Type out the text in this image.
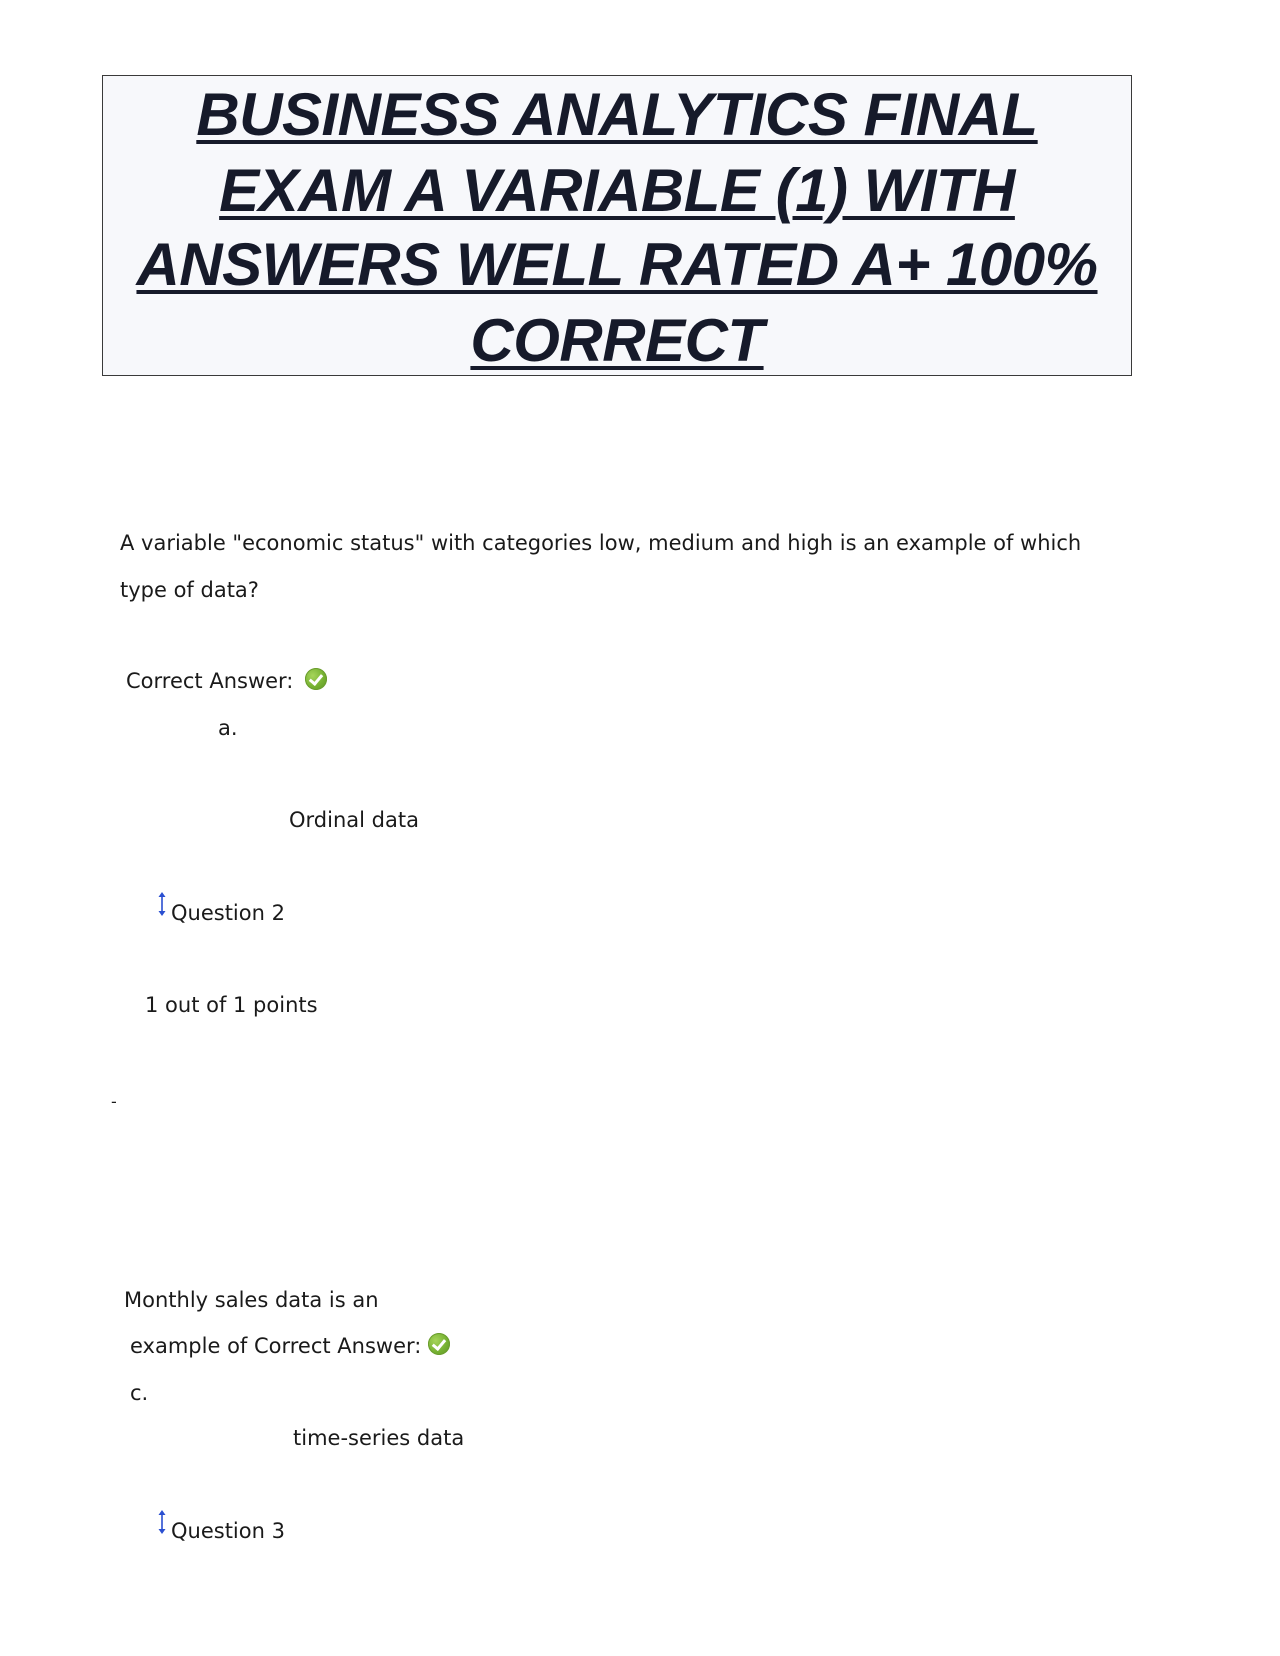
BUSINESS ANALYTICS FINAL
EXAM A VARIABLE (1) WITH
ANSWERS WELL RATED A+ 100%
CORRECT
A variable "economic status" with categories low, medium and high is an example of which
type of data?
Correct Answer:
a.
Ordinal data
Question 2
1 out of 1 points
-
Monthly sales data is an
example of Correct Answer:
c.
time-series data
Question 3
